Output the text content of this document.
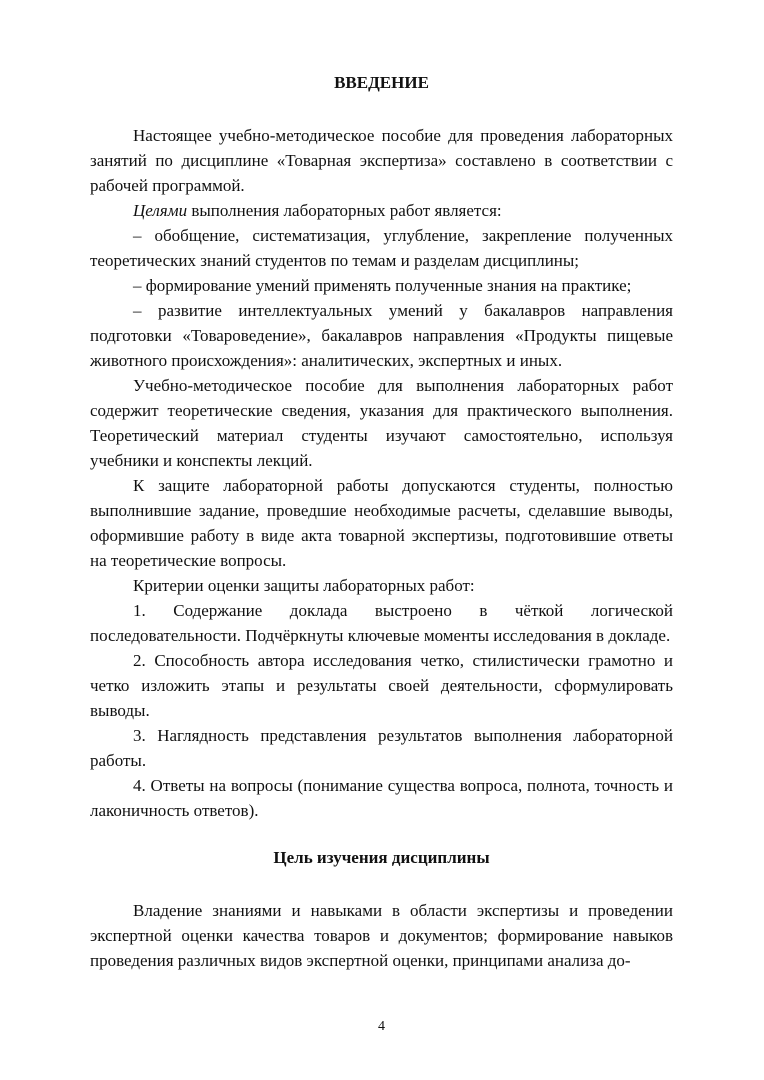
ВВЕДЕНИЕ

Настоящее учебно-методическое пособие для проведения лабораторных занятий по дисциплине «Товарная экспертиза» составлено в соответствии с рабочей программой.

Целями выполнения лабораторных работ является:

– обобщение, систематизация, углубление, закрепление полученных теоретических знаний студентов по темам и разделам дисциплины;

– формирование умений применять полученные знания на практике;

– развитие интеллектуальных умений у бакалавров направления подготовки «Товароведение», бакалавров направления «Продукты пищевые животного происхождения»: аналитических, экспертных и иных.

Учебно-методическое пособие для выполнения лабораторных работ содержит теоретические сведения, указания для практического выполнения. Теоретический материал студенты изучают самостоятельно, используя учебники и конспекты лекций.

К защите лабораторной работы допускаются студенты, полностью выполнившие задание, проведшие необходимые расчеты, сделавшие выводы, оформившие работу в виде акта товарной экспертизы, подготовившие ответы на теоретические вопросы.

Критерии оценки защиты лабораторных работ:

1. Содержание доклада выстроено в чёткой логической последовательности. Подчёркнуты ключевые моменты исследования в докладе.

2. Способность автора исследования четко, стилистически грамотно и четко изложить этапы и результаты своей деятельности, сформулировать выводы.

3. Наглядность представления результатов выполнения лабораторной работы.

4. Ответы на вопросы (понимание существа вопроса, полнота, точность и лаконичность ответов).

Цель изучения дисциплины

Владение знаниями и навыками в области экспертизы и проведении экспертной оценки качества товаров и документов; формирование навыков проведения различных видов экспертной оценки, принципами анализа до-

4
